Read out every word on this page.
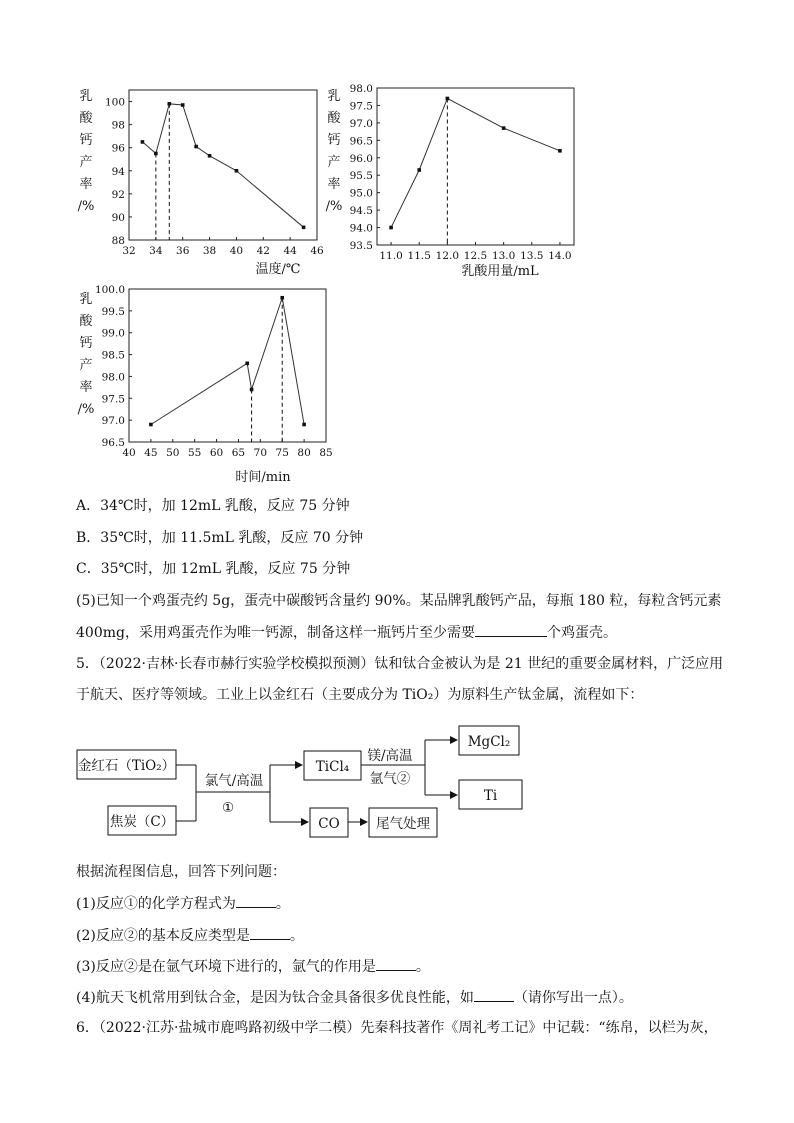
88
90
92
94
96
98
100
32 34 36 38 40 42 44 46
乳
酸
钙
产
率
/%
温度/℃
93.5
94.0
94.5
95.0
95.5
96.0
96.5
97.0
97.5
98.0
11.0 11.5 12.0 12.5 13.0 13.5 14.0
乳
酸
钙
产
率
/%
乳酸用量/mL
96.5
97.0
97.5
98.0
98.5
99.0
99.5
100.0
40 45 50 55 60 65 70 75 80 85
乳
酸
钙
产
率
/%
时间/min
A．34℃时，加 12mL 乳酸，反应 75 分钟
B．35℃时，加 11.5mL 乳酸，反应 70 分钟
C．35℃时，加 12mL 乳酸，反应 75 分钟
(5)已知一个鸡蛋壳约 5g，蛋壳中碳酸钙含量约 90%。某品牌乳酸钙产品，每瓶 180 粒，每粒含钙元素
400mg，采用鸡蛋壳作为唯一钙源，制备这样一瓶钙片至少需要	个鸡蛋壳。
5．（2022·吉林·长春市赫行实验学校模拟预测）钛和钛合金被认为是 21 世纪的重要金属材料，广泛应用
于航天、医疗等领域。工业上以金红石（主要成分为 TiO₂）为原料生产钛金属，流程如下：
金红石（TiO₂）
焦炭（C）
TiCl₄
MgCl₂
Ti
CO	尾气处理
氯气/高温
①
镁/高温
氩气②
根据流程图信息，回答下列问题：
(1)反应①的化学方程式为	。
(2)反应②的基本反应类型是	。
(3)反应②是在氩气环境下进行的，氩气的作用是	。
(4)航天飞机常用到钛合金，是因为钛合金具备很多优良性能，如	（请你写出一点）。
6．（2022·江苏·盐城市鹿鸣路初级中学二模）先秦科技著作《周礼考工记》中记载：“练帛，以栏为灰，
